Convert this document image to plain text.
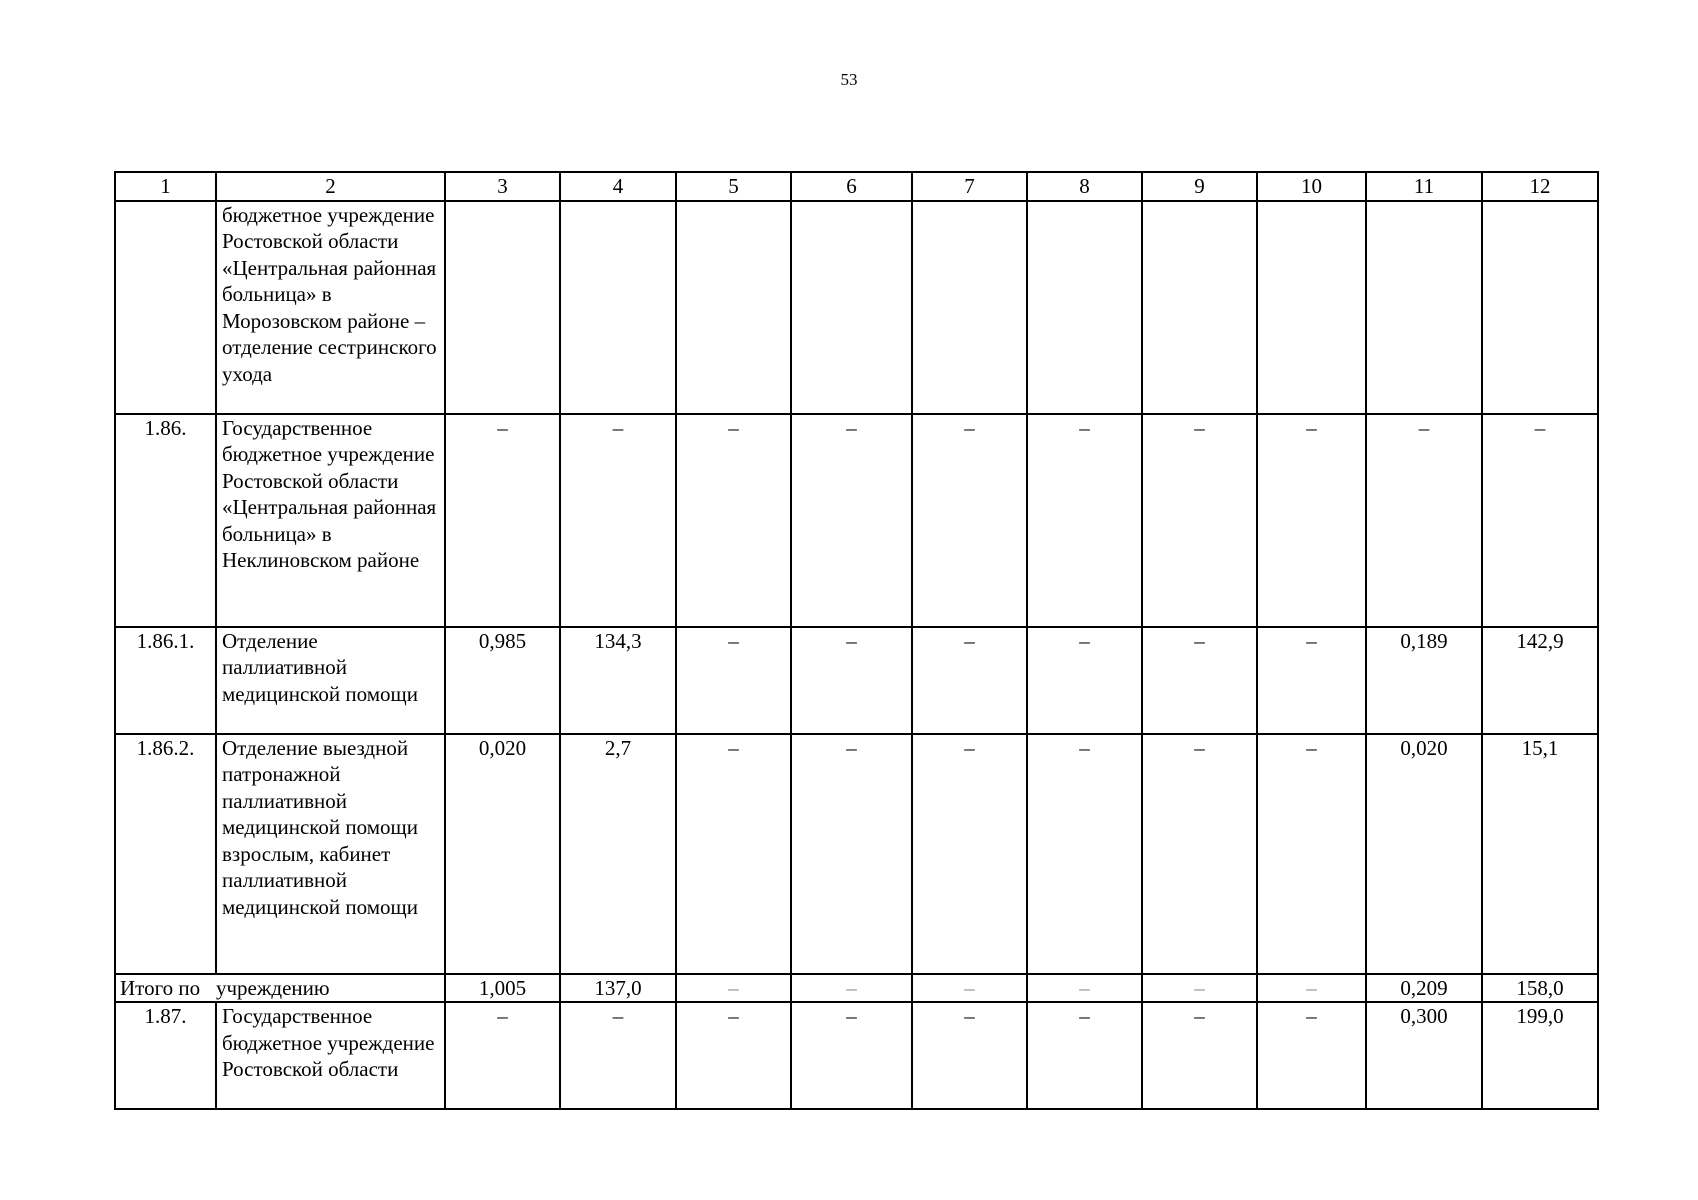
53
1	2	3	4	5	6	7	8	9	10	11	12
	бюджетное учреждение Ростовской области «Центральная районная больница» в Морозовском районе – отделение сестринского ухода										
1.86.	Государственное бюджетное учреждение Ростовской области «Центральная районная больница» в Неклиновском районе	–	–	–	–	–	–	–	–	–	–
1.86.1.	Отделение паллиативной медицинской помощи	0,985	134,3	–	–	–	–	–	–	0,189	142,9
1.86.2.	Отделение выездной патронажной паллиативной медицинской помощи взрослым, кабинет паллиативной медицинской помощи	0,020	2,7	–	–	–	–	–	–	0,020	15,1
Итого по	учреждению	1,005	137,0	–	–	–	–	–	–	0,209	158,0
1.87.	Государственное бюджетное учреждение Ростовской области	–	–	–	–	–	–	–	–	0,300	199,0
